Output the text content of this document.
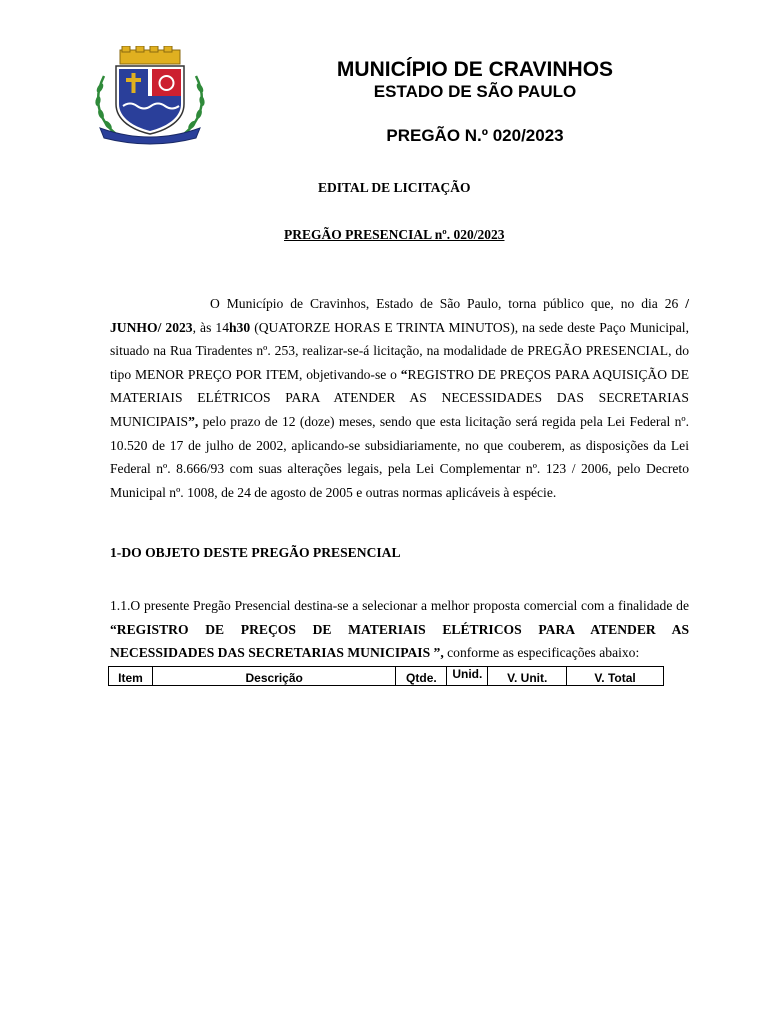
MUNICÍPIO DE CRAVINHOS
ESTADO DE SÃO PAULO
PREGÃO N.º 020/2023
EDITAL DE LICITAÇÃO
PREGÃO PRESENCIAL nº. 020/2023
O Município de Cravinhos, Estado de São Paulo, torna público que, no dia 26 / JUNHO/ 2023, às 14h30 (QUATORZE HORAS E TRINTA MINUTOS), na sede deste Paço Municipal, situado na Rua Tiradentes nº. 253, realizar-se-á licitação, na modalidade de PREGÃO PRESENCIAL, do tipo MENOR PREÇO POR ITEM, objetivando-se o “REGISTRO DE PREÇOS PARA AQUISIÇÃO DE MATERIAIS ELÉTRICOS PARA ATENDER AS NECESSIDADES DAS SECRETARIAS MUNICIPAIS”, pelo prazo de 12 (doze) meses, sendo que esta licitação será regida pela Lei Federal nº. 10.520 de 17 de julho de 2002, aplicando-se subsidiariamente, no que couberem, as disposições da Lei Federal nº. 8.666/93 com suas alterações legais, pela Lei Complementar nº. 123 / 2006, pelo Decreto Municipal nº. 1008, de 24 de agosto de 2005 e outras normas aplicáveis à espécie.
1-DO OBJETO DESTE PREGÃO PRESENCIAL
1.1.O presente Pregão Presencial destina-se a selecionar a melhor proposta comercial com a finalidade de “REGISTRO DE PREÇOS DE MATERIAIS ELÉTRICOS PARA ATENDER AS NECESSIDADES DAS SECRETARIAS MUNICIPAIS ”, conforme as especificações abaixo:
Item	Descrição	Qtde.	Unid.	V. Unit.	V. Total
